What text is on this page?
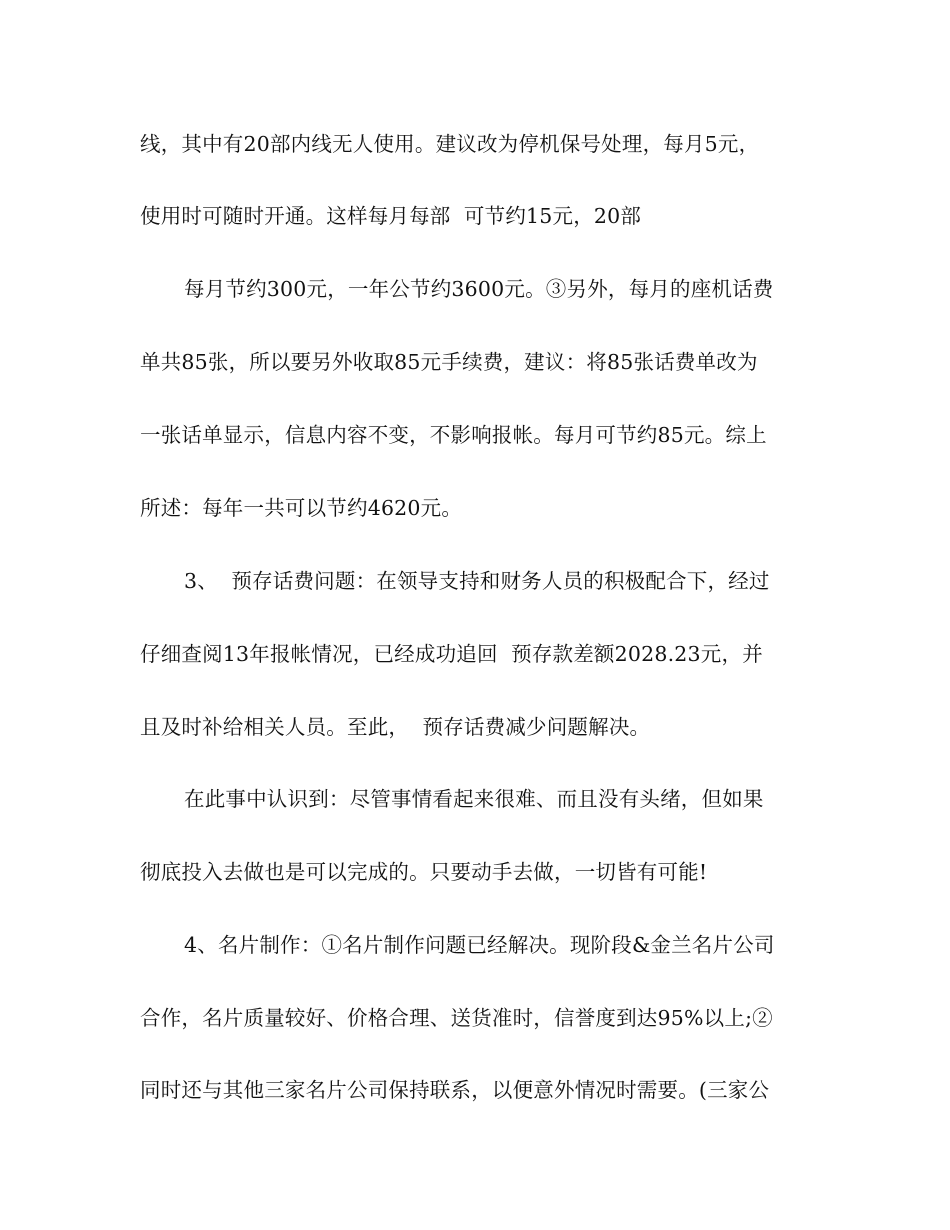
线，其中有20部内线无人使用。建议改为停机保号处理，每月5元，
使用时可随时开通。这样每月每部  可节约15元，20部
每月节约300元，一年公节约3600元。③另外，每月的座机话费
单共85张，所以要另外收取85元手续费，建议：将85张话费单改为
一张话单显示，信息内容不变，不影响报帐。每月可节约85元。综上
所述：每年一共可以节约4620元。
3、  预存话费问题：在领导支持和财务人员的积极配合下，经过
仔细查阅13年报帐情况，已经成功追回  预存款差额2028.23元，并
且及时补给相关人员。至此，  预存话费减少问题解决。
在此事中认识到：尽管事情看起来很难、而且没有头绪，但如果
彻底投入去做也是可以完成的。只要动手去做，一切皆有可能!
4、名片制作：①名片制作问题已经解决。现阶段&金兰名片公司
合作，名片质量较好、价格合理、送货准时，信誉度到达95%以上;②
同时还与其他三家名片公司保持联系，以便意外情况时需要。(三家公
